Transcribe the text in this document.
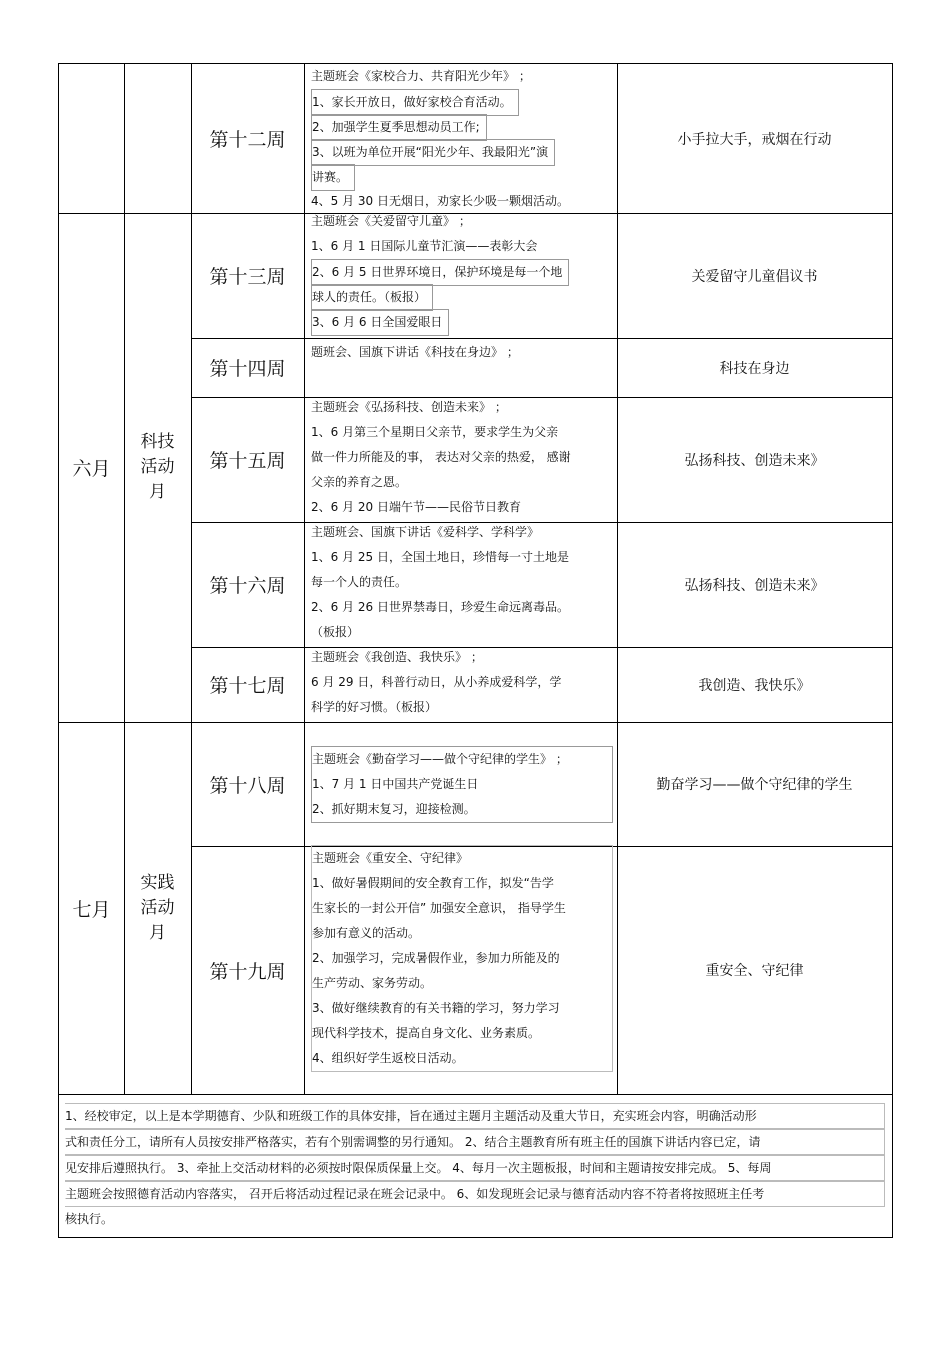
六月
科技活动月
七月
实践活动月
第十二周
主题班会《家校合力、共育阳光少年》 ；
1、家长开放日，做好家校合育活动。
2、加强学生夏季思想动员工作;
3、以班为单位开展“阳光少年、我最阳光”演
讲赛。
4、5 月 30 日无烟日，劝家长少吸一颗烟活动。
小手拉大手，戒烟在行动
第十三周
主题班会《关爱留守儿童》 ；
1、6 月 1 日国际儿童节汇演——表彰大会
2、6 月 5 日世界环境日，保护环境是每一个地
球人的责任。（板报）
3、6 月 6 日全国爱眼日
关爱留守儿童倡议书
第十四周
题班会、国旗下讲话《科技在身边》 ；
科技在身边
第十五周
主题班会《弘扬科技、创造未来》 ；
1、6 月第三个星期日父亲节，要求学生为父亲
做一件力所能及的事， 表达对父亲的热爱， 感谢
父亲的养育之恩。
2、6 月 20 日端午节——民俗节日教育
弘扬科技、创造未来》
第十六周
主题班会、国旗下讲话《爱科学、学科学》
1、6 月 25 日，全国土地日，珍惜每一寸土地是
每一个人的责任。
2、6 月 26 日世界禁毒日，珍爱生命远离毒品。
（板报）
弘扬科技、创造未来》
第十七周
主题班会《我创造、我快乐》 ；
6 月 29 日，科普行动日，从小养成爱科学，学
科学的好习惯。（板报）
我创造、我快乐》
第十八周
主题班会《勤奋学习——做个守纪律的学生》 ；
1、7 月 1 日中国共产党诞生日
2、抓好期末复习，迎接检测。
勤奋学习——做个守纪律的学生
第十九周
主题班会《重安全、守纪律》
1、做好暑假期间的安全教育工作，拟发“告学
生家长的一封公开信” 加强安全意识， 指导学生
参加有意义的活动。
2、加强学习，完成暑假作业，参加力所能及的
生产劳动、家务劳动。
3、做好继续教育的有关书籍的学习，努力学习
现代科学技术，提高自身文化、业务素质。
4、组织好学生返校日活动。
重安全、守纪律
1、经校审定，以上是本学期德育、少队和班级工作的具体安排，旨在通过主题月主题活动及重大节日，充实班会内容，明确活动形
式和责任分工，请所有人员按安排严格落实，若有个别需调整的另行通知。 2、结合主题教育所有班主任的国旗下讲话内容已定，请
见安排后遵照执行。 3、牵扯上交活动材料的必须按时限保质保量上交。 4、每月一次主题板报，时间和主题请按安排完成。 5、每周
主题班会按照德育活动内容落实， 召开后将活动过程记录在班会记录中。 6、如发现班会记录与德育活动内容不符者将按照班主任考
核执行。
